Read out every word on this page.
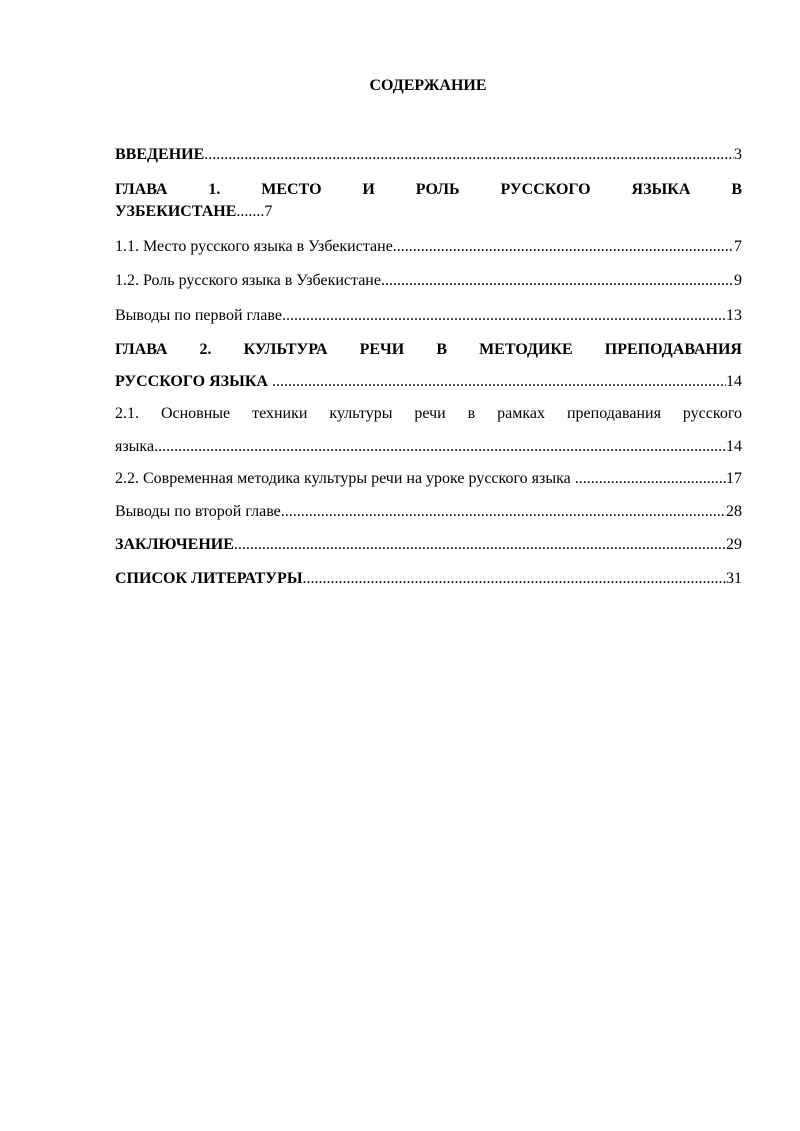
СОДЕРЖАНИЕ
ВВЕДЕНИЕ .....	3
ГЛАВА	1.	МЕСТО	И	РОЛЬ	РУССКОГО	ЯЗЫКА	В
УЗБЕКИСТАНЕ.......7
1.1. Место русского языка в Узбекистане .....	7
1.2. Роль русского языка в Узбекистане .....	9
Выводы по первой главе .....	13
ГЛАВА 2. КУЛЬТУРА РЕЧИ В МЕТОДИКЕ ПРЕПОДАВАНИЯ
РУССКОГО ЯЗЫКА .....	14
2.1. Основные техники культуры речи в рамках преподавания русского
языка .....	14
2.2. Современная методика культуры речи на уроке русского языка .....	17
Выводы по второй главе .....	28
ЗАКЛЮЧЕНИЕ .....	29
СПИСОК ЛИТЕРАТУРЫ .....	31
